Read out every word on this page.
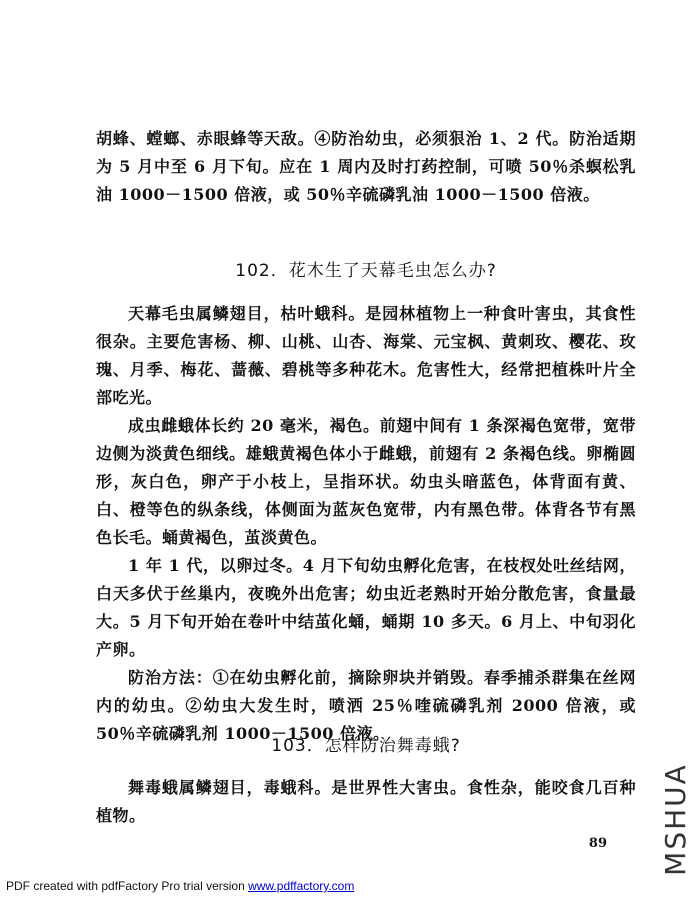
胡蜂、螳螂、赤眼蜂等天敌。④防治幼虫，必须狠治 1、2 代。防治适期为 5 月中至 6 月下旬。应在 1 周内及时打药控制，可喷 50％杀螟松乳油 1000－1500 倍液，或 50％辛硫磷乳油 1000－1500 倍液。

102．花木生了天幕毛虫怎么办?

天幕毛虫属鳞翅目，枯叶蛾科。是园林植物上一种食叶害虫，其食性很杂。主要危害杨、柳、山桃、山杏、海棠、元宝枫、黄刺玫、樱花、玫瑰、月季、梅花、蔷薇、碧桃等多种花木。危害性大，经常把植株叶片全部吃光。

成虫雌蛾体长约 20 毫米，褐色。前翅中间有 1 条深褐色宽带，宽带边侧为淡黄色细线。雄蛾黄褐色体小于雌蛾，前翅有 2 条褐色线。卵椭圆形，灰白色，卵产于小枝上，呈指环状。幼虫头暗蓝色，体背面有黄、白、橙等色的纵条线，体侧面为蓝灰色宽带，内有黑色带。体背各节有黑色长毛。蛹黄褐色，茧淡黄色。

1 年 1 代，以卵过冬。4 月下旬幼虫孵化危害，在枝杈处吐丝结网，白天多伏于丝巢内，夜晚外出危害；幼虫近老熟时开始分散危害，食量最大。5 月下旬开始在卷叶中结茧化蛹，蛹期 10 多天。6 月上、中旬羽化产卵。

防治方法：①在幼虫孵化前，摘除卵块并销毁。春季捕杀群集在丝网内的幼虫。②幼虫大发生时，喷洒 25％喹硫磷乳剂 2000 倍液，或 50％辛硫磷乳剂 1000－1500 倍液。

103．怎样防治舞毒蛾?

舞毒蛾属鳞翅目，毒蛾科。是世界性大害虫。食性杂，能咬食几百种植物。

89
PDF created with pdfFactory Pro trial version www.pdffactory.com
MSHUA
